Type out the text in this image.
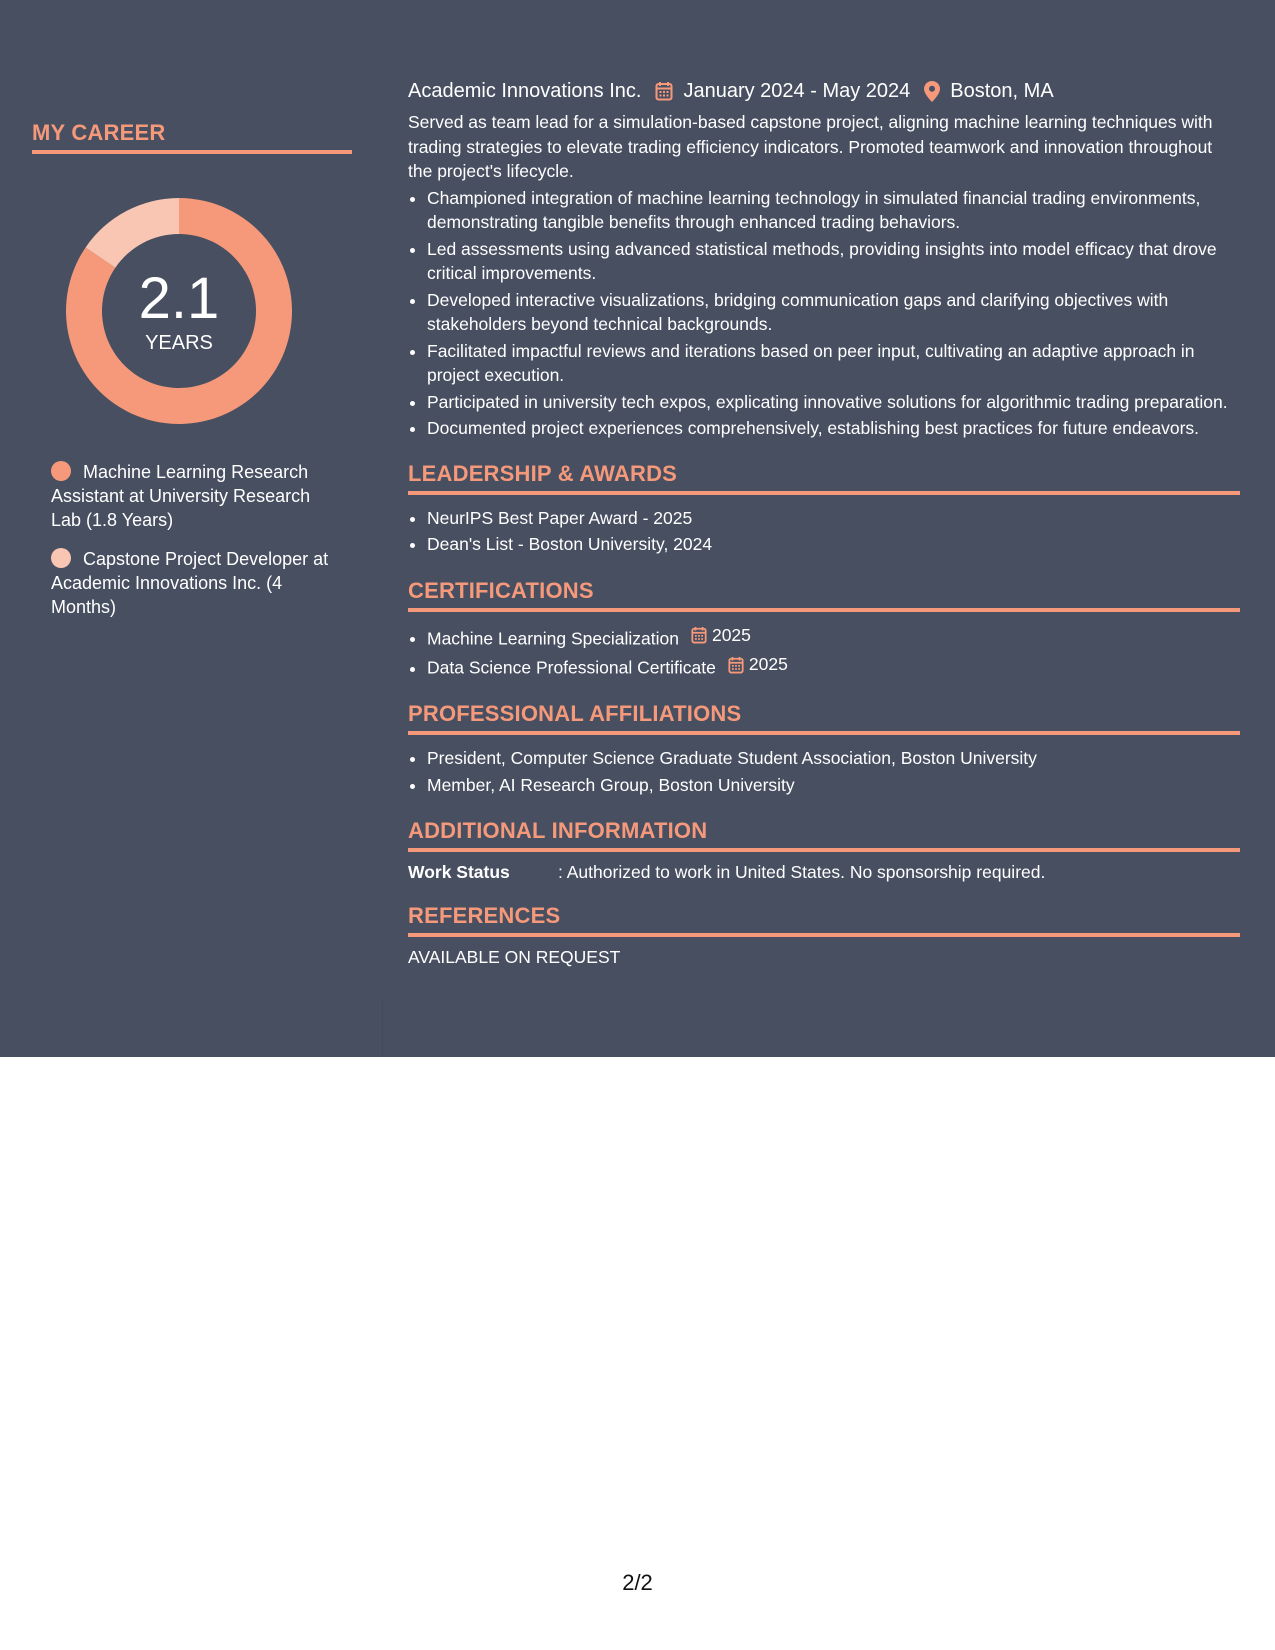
MY CAREER
2.1
YEARS
Machine Learning Research Assistant at University Research Lab (1.8 Years)
Capstone Project Developer at Academic Innovations Inc. (4 Months)
Academic Innovations Inc. January 2024 - May 2024 Boston, MA

Served as team lead for a simulation-based capstone project, aligning machine learning techniques with trading strategies to elevate trading efficiency indicators. Promoted teamwork and innovation throughout the project's lifecycle.

• Championed integration of machine learning technology in simulated financial trading environments, demonstrating tangible benefits through enhanced trading behaviors.
• Led assessments using advanced statistical methods, providing insights into model efficacy that drove critical improvements.
• Developed interactive visualizations, bridging communication gaps and clarifying objectives with stakeholders beyond technical backgrounds.
• Facilitated impactful reviews and iterations based on peer input, cultivating an adaptive approach in project execution.
• Participated in university tech expos, explicating innovative solutions for algorithmic trading preparation.
• Documented project experiences comprehensively, establishing best practices for future endeavors.
LEADERSHIP & AWARDS
• NeurIPS Best Paper Award - 2025
• Dean's List - Boston University, 2024
CERTIFICATIONS
• Machine Learning Specialization 2025
• Data Science Professional Certificate 2025
PROFESSIONAL AFFILIATIONS
• President, Computer Science Graduate Student Association, Boston University
• Member, AI Research Group, Boston University
ADDITIONAL INFORMATION
Work Status	: Authorized to work in United States. No sponsorship required.
REFERENCES
AVAILABLE ON REQUEST
2/2
